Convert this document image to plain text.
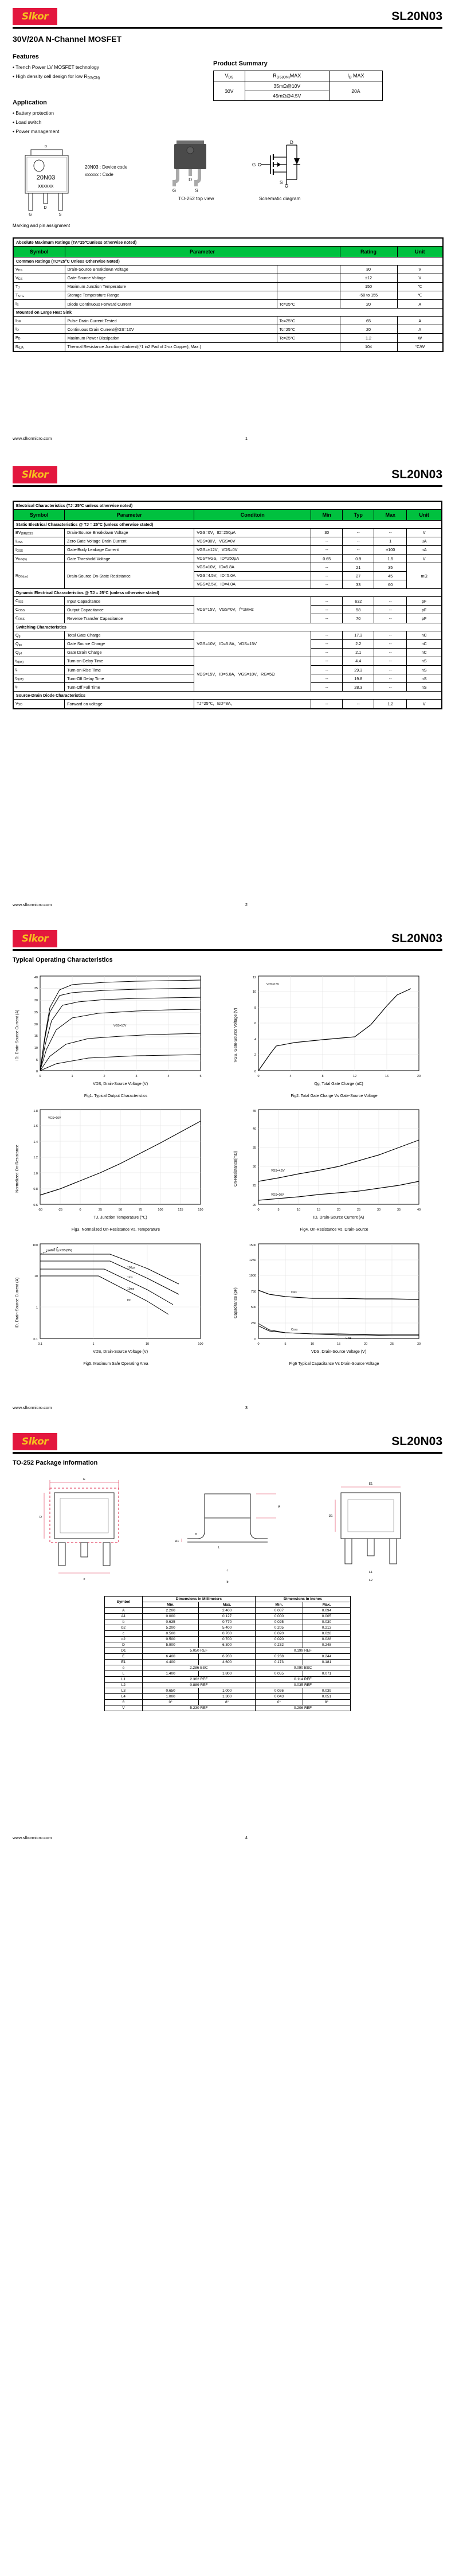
Slkor	SL20N03
30V/20A N-Channel MOSFET
Features
• Trench Power LV MOSFET technology
• High density cell design for low $R_{DS(ON)}$
Application
• Battery protection
• Load switch
• Power management
Product Summary
$V_{DS}$	$R_{DS(ON)}MAX$	$I_D$ MAX
30V	35mΩ@10V	20A
	45mΩ@4.5V	
D
20N03
xxxxxx
D
G	S
20N03 : Device code
xxxxxx : Code
G
D
S
TO-252 top view
G
S
D
Schematic diagram
Marking and pin assignment
Absolute Maximum Ratings (TA=25℃unless otherwise noted)				
Symbol	Parameter		Rating	Unit
Common Ratings (TC=25°C Unless Otherwise Noted)				
$V_{DS}$	Drain-Source Breakdown Voltage		30	V
$V_{GS}$	Gate-Source Voltage		±12	V
$T_J$	Maximum Junction Temperature		150	℃
$T_{STG}$	Storage Temperature Range		-50 to 155	℃
$I_S$	Diode Continuous Forward Current	Tc=25°C	20	A
Mounted on Large Heat Sink				
$I_{DM}$	Pulse Drain Current Tested	Tc=25°C	65	A
$I_D$	Continuous Drain Current@GS=10V	Tc=25°C	20	A
$P_D$	Maximum Power Dissipation	Tc=25°C	1.2	W
$R_{\theta JA}$	Thermal Resistance Junction-Ambient((*1 in2 Pad of 2-oz Copper), Max.)		104	°C/W
www.slkormicro.com	1
Slkor	SL20N03
Electrical Characteristics (TJ=25℃ unless otherwise noted)						
Symbol	Parameter	Conditoin	Min	Typ	Max	Unit
Static Electrical Characteristics @ TJ = 25°C (unless otherwise stated)						
$BV_{(BR)DSS}$	Drain-Source Breakdown Voltage	VGS=0V，ID=250µA	30	--	--	V
$I_{DSS}$	Zero Gate Voltage Drain Current	VDS=30V，VGS=0V	--	--	1	uA
$I_{GSS}$	Gate-Body Leakage Current	VGS=±12V，VDS=0V	--	--	±100	nA
$V_{GS(th)}$	Gate Threshold Voltage	VDS=VGS，ID=250µA	0.65	0.9	1.5	V
$R_{DS(on)}$	Drain-Source On-State Resistance	VGS=10V，ID=5.8A	--	21	35	mΩ
		VGS=4.5V，ID=5.0A	--	27	45	
		VGS=2.5V，ID=4.0A	--	33	60	
Dynamic Electrical Characteristics @ TJ = 25°C (unless otherwise stated)						
$C_{ISS}$	Input Capacitance	VDS=15V，VGS=0V，f=1MHz	--	632	--	pF
$C_{OSS}$	Output Capacitance		--	58	--	pF
$C_{RSS}$	Reverse Transfer Capacitance		--	70	--	pF
Switching Characteristics						
$Q_g$	Total Gate Charge	VGS=10V，ID=5.8A，VDS=15V	--	17.3	--	nC
$Q_{gs}$	Gate Source Charge		--	2.2	--	nC
$Q_{gd}$	Gate Drain Charge		--	2.1	--	nC
$t_{d(on)}$	Turn-on Delay Time	VDS=15V，ID=5.8A，VGS=10V，RG=5Ω	--	4.4	--	nS
$t_r$	Turn-on Rise Time		--	29.3	--	nS
$t_{d(off)}$	Turn-Off Delay Time		--	19.8	--	nS
$t_f$	Turn-Off Fall Time		--	28.3	--	nS
Source-Drain Diode Characteristics						
$V_{SD}$	Forward on voltage	TJ=25℃，IsD=8A，	--	--	1.2	V
www.slkormicro.com	2
Slkor	SL20N03
Typical Operating Characteristics
ID, Drain-Source Current (A)
0
5
10
15
20
25
30
35
40
0	1	2	3	4	5
VGS=10V
VDS, Drain-Source Voltage (V)
Fig1. Typical Output Characteristics
VGS, Gate-Source Voltage (V)
0
2
4
6
8
10
12
0	4	8	12	16	20
VDS=15V
Qg, Total Gate Charge (nC)
Fig2. Total Gate Charge Vs Gate-Source Voltage
Normalized On-Resistance
0.6
0.8
1.0
1.2
1.4
1.6
1.8
-50	-25	0	25	50	75	100	125	150
VGS=10V
TJ, Junction Temperature (℃)
Fig3. Normalized On-Resistance Vs. Temperature
On-Resistance(mΩ)
20
25
30
35
40
45
0	5	10	15	20	25	30	35	40
VGS=4.5V
VGS=10V
ID, Drain-Source Current (A)
Fig4. On-Resistance Vs. Drain-Source
ID, Drain-Source Current (A)
0.1
1
10
100
0.1	1	10	100
Limited by RDS(ON)
100µs
1ms
10ms
DC
VDS, Drain-Source Voltage (V)
Fig5. Maximum Safe Operating Area
Capacitance (pF)
0
250
500
750
1000
1250
1500
0	5	10	15	20	25	30
Ciss
Coss
Crss
VDS, Drain-Source Voltage (V)
Fig6 Typical Capacitance Vs Drain-Source Voltage
www.slkormicro.com	3
Slkor	SL20N03
TO-252 Package Information
E
D
e
A
A1
L
θ
c
b
E1
D1
L1
L2
Symbol	Dimensions In Millimeters		Dimensions In Inches	
	Min.	Max.	Min.	Max.
A	2.200	2.400	0.087	0.094
A1	0.000	0.127	0.000	0.005
b	0.635	0.770	0.025	0.030
b2	5.200	5.400	0.205	0.213
c	0.500	0.700	0.020	0.028
c2	0.500	0.700	0.020	0.028
D	5.900	6.300	0.232	0.248
D1	5.050 REF		0.199 REF	
E	6.400	6.200	0.238	0.244
E1	4.400	4.600	0.173	0.181
e	2.286 BSC		0.090 BSC	
L	1.400	1.800	0.055	0.071
L1	2.362 REF		0.114 REF	
L2	0.889 REF		0.035 REF	
L3	0.650	1.000	0.026	0.039
L4	1.000	1.300	0.043	0.051
θ	0°	8°	0°	8°
V	5.230 REF		0.206 REF	
www.slkormicro.com	4
